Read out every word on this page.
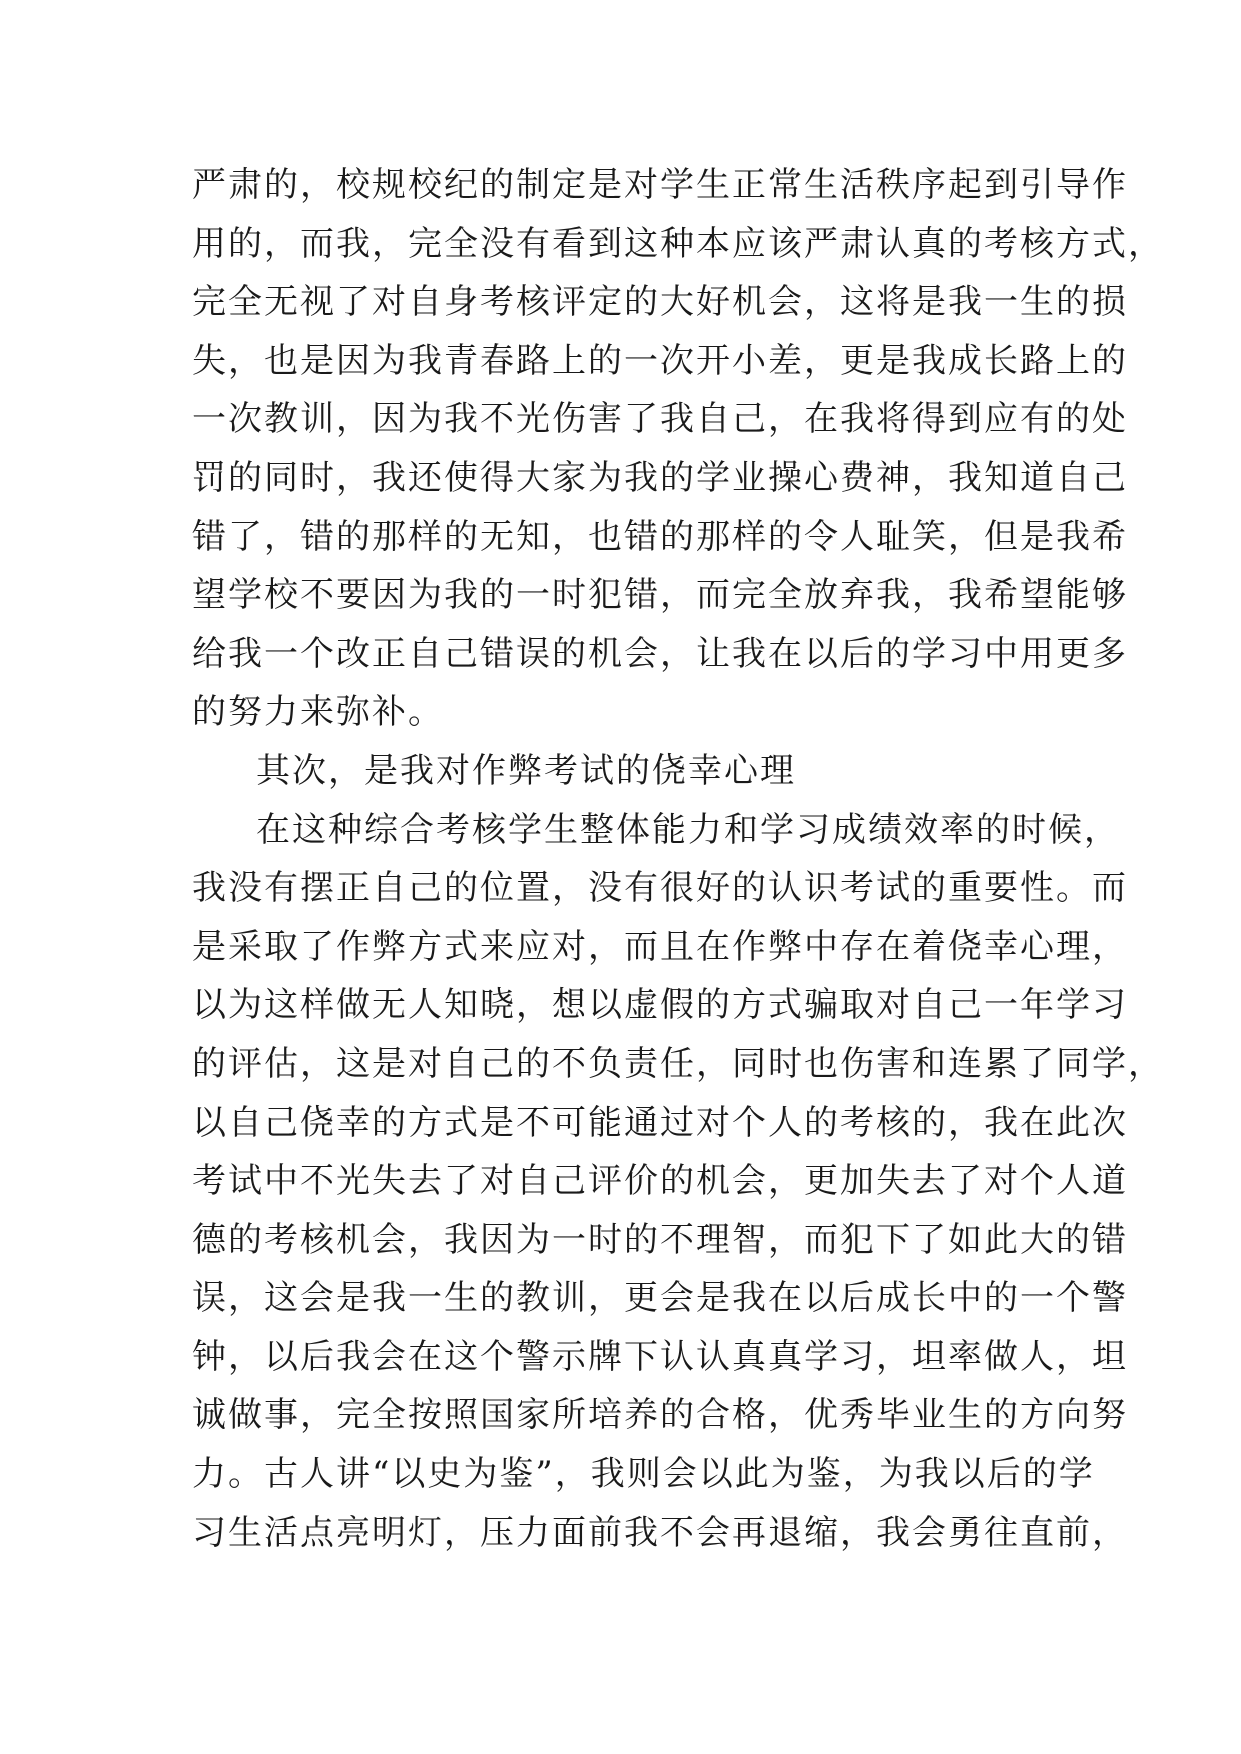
严肃的，校规校纪的制定是对学生正常生活秩序起到引导作
用的，而我，完全没有看到这种本应该严肃认真的考核方式，
完全无视了对自身考核评定的大好机会，这将是我一生的损
失，也是因为我青春路上的一次开小差，更是我成长路上的
一次教训，因为我不光伤害了我自己，在我将得到应有的处
罚的同时，我还使得大家为我的学业操心费神，我知道自己
错了，错的那样的无知，也错的那样的令人耻笑，但是我希
望学校不要因为我的一时犯错，而完全放弃我，我希望能够
给我一个改正自己错误的机会，让我在以后的学习中用更多
的努力来弥补。
其次，是我对作弊考试的侥幸心理
在这种综合考核学生整体能力和学习成绩效率的时候，
我没有摆正自己的位置，没有很好的认识考试的重要性。而
是采取了作弊方式来应对，而且在作弊中存在着侥幸心理，
以为这样做无人知晓，想以虚假的方式骗取对自己一年学习
的评估，这是对自己的不负责任，同时也伤害和连累了同学，
以自己侥幸的方式是不可能通过对个人的考核的，我在此次
考试中不光失去了对自己评价的机会，更加失去了对个人道
德的考核机会，我因为一时的不理智，而犯下了如此大的错
误，这会是我一生的教训，更会是我在以后成长中的一个警
钟，以后我会在这个警示牌下认认真真学习，坦率做人，坦
诚做事，完全按照国家所培养的合格，优秀毕业生的方向努
力。古人讲“以史为鉴”，我则会以此为鉴，为我以后的学
习生活点亮明灯，压力面前我不会再退缩，我会勇往直前，
